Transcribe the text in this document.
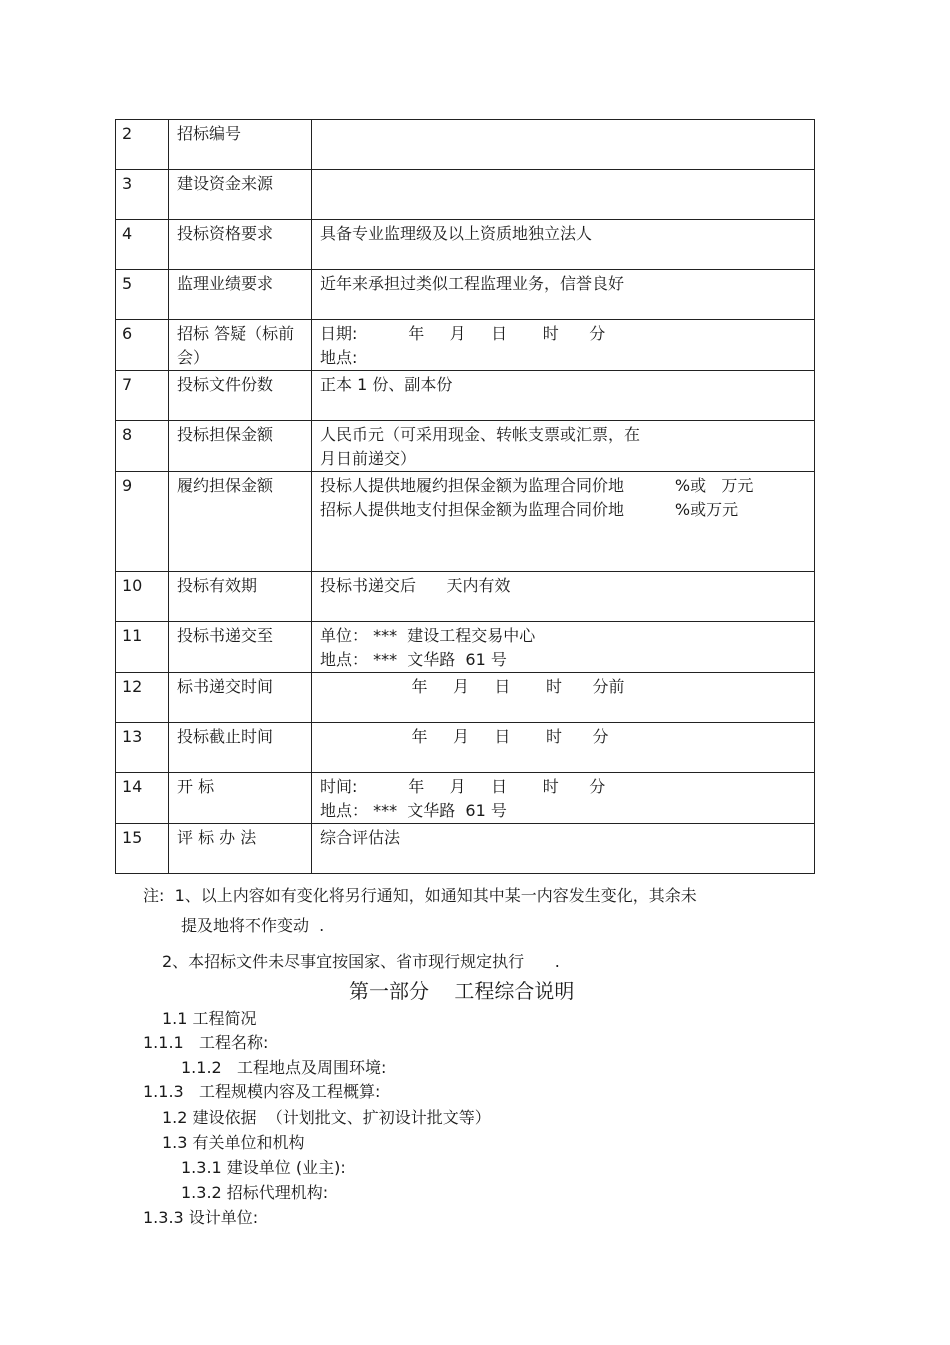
2	招标编号	
3	建设资金来源	
4	投标资格要求	具备专业监理级及以上资质地独立法人

5	监理业绩要求	近年来承担过类似工程监理业务，信誉良好

6	招标 答疑（标前会）	日期:          年     月     日       时      分
地点:

7	投标文件份数	正本 1 份、副本份

8	投标担保金额	人民币元（可采用现金、转帐支票或汇票，在
月日前递交）

9	履约担保金额	投标人提供地履约担保金额为监理合同价地          %或   万元
招标人提供地支付担保金额为监理合同价地          %或万元

10	投标有效期	投标书递交后      天内有效

11	投标书递交至	单位： ***  建设工程交易中心
地点： ***  文华路  61 号

12	标书递交时间	年     月     日       时      分前

13	投标截止时间	年     月     日       时      分

14	开 标	时间:          年     月     日       时      分
地点： ***  文华路  61 号

15	评 标 办 法	综合评估法
注:  1、以上内容如有变化将另行通知，如通知其中某一内容发生变化，其余未
提及地将不作变动  .
2、本招标文件未尽事宜按国家、省市现行规定执行      .
第一部分    工程综合说明
1.1 工程简况
1.1.1   工程名称:
1.1.2   工程地点及周围环境:
1.1.3   工程规模内容及工程概算:
1.2 建设依据  （计划批文、扩初设计批文等）
1.3 有关单位和机构
1.3.1 建设单位 (业主):
1.3.2 招标代理机构:
1.3.3 设计单位:
